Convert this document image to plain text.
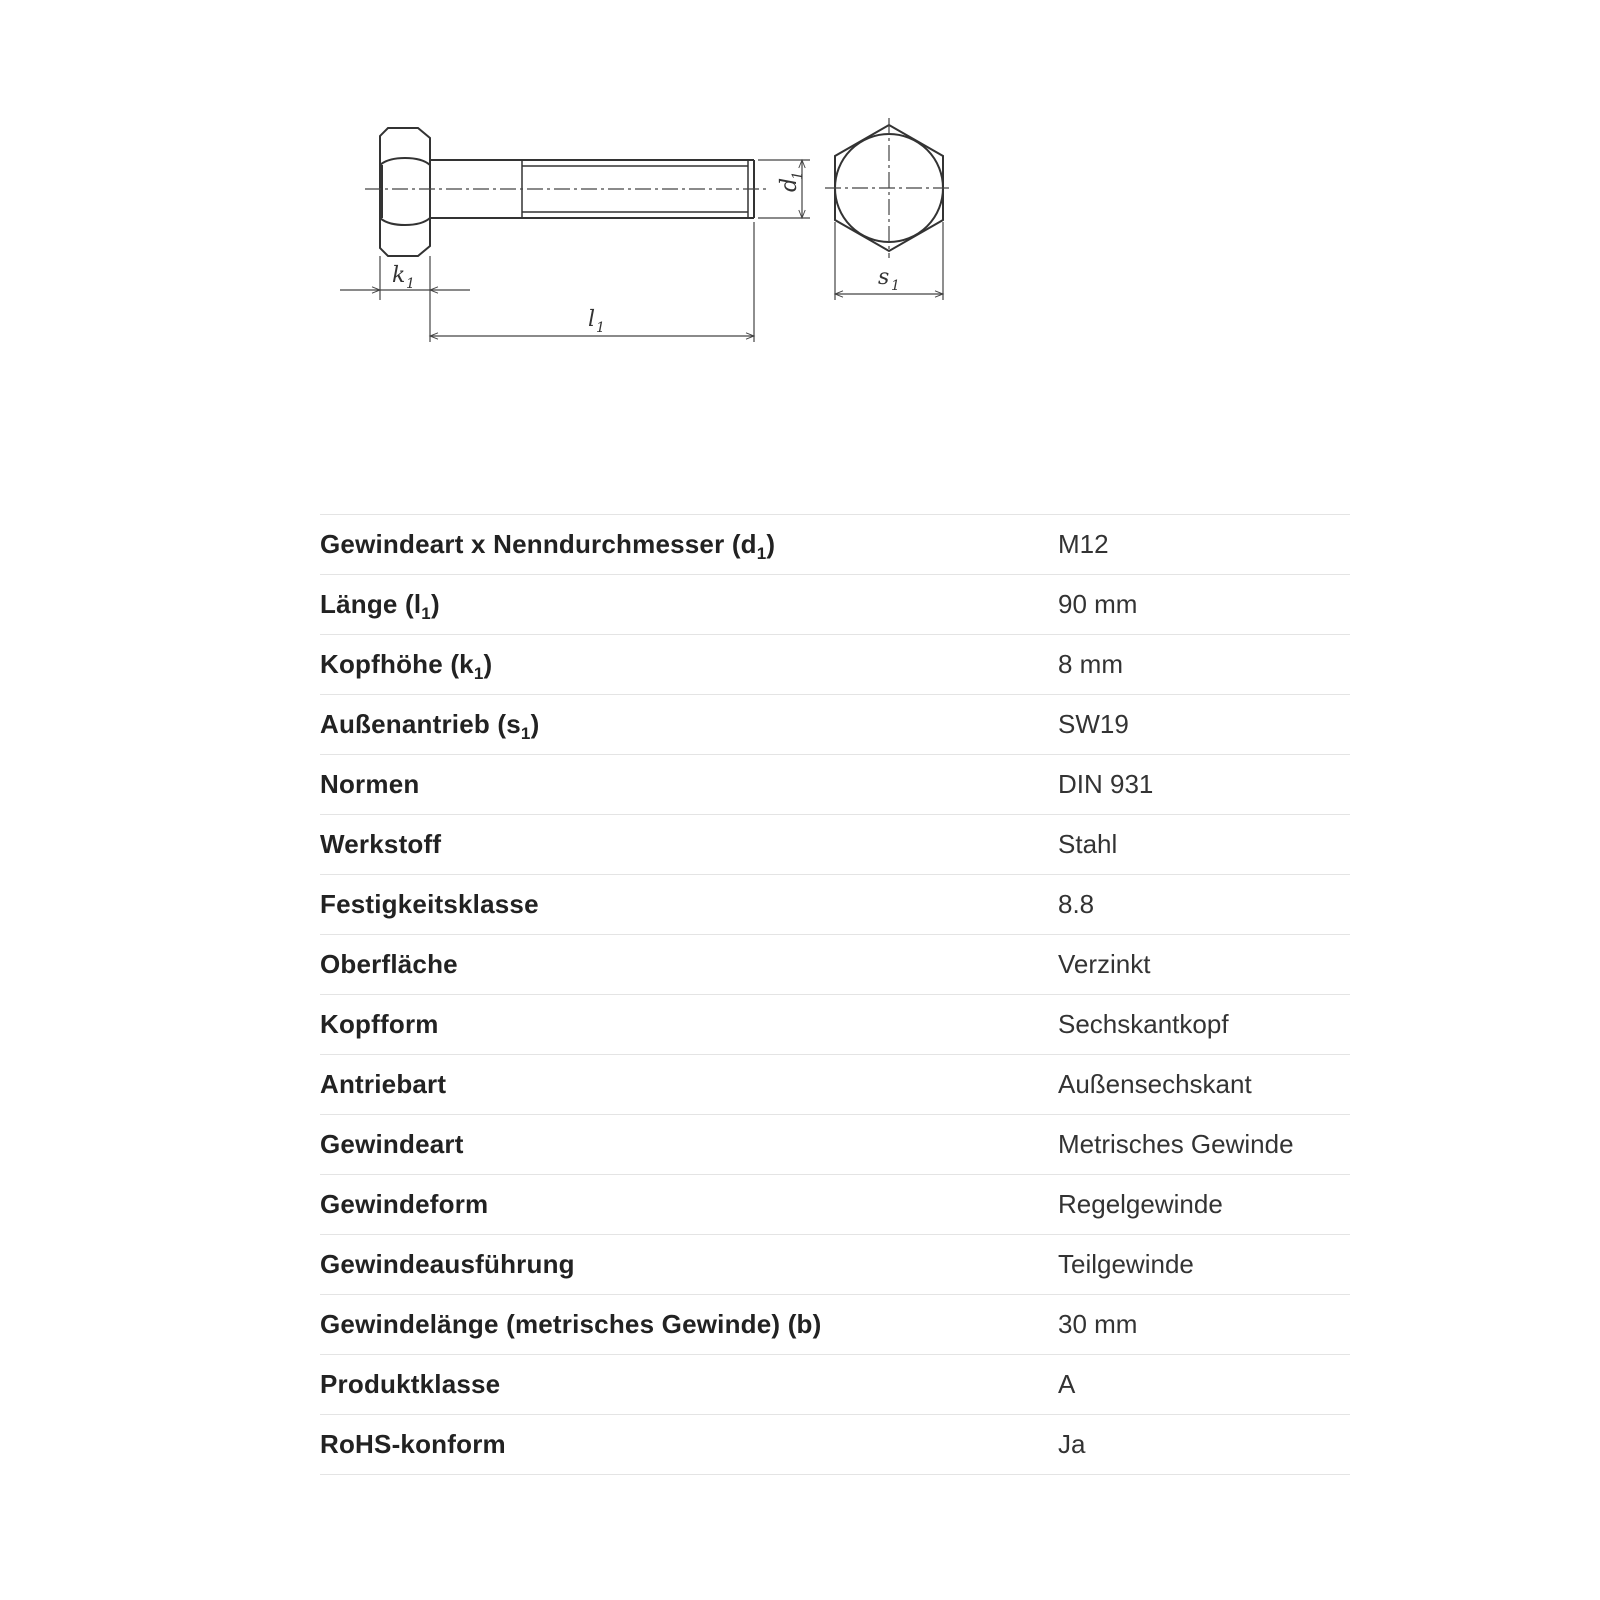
d
1
k 1
l 1
s 1
Gewindeart x Nenndurchmesser $(d_1)$	M12
Länge $(l_1)$	90 mm
Kopfhöhe $(k_1)$	8 mm
Außenantrieb $(s_1)$	SW19
Normen	DIN 931
Werkstoff	Stahl
Festigkeitsklasse	8.8
Oberfläche	Verzinkt
Kopfform	Sechskantkopf
Antriebart	Außensechskant
Gewindeart	Metrisches Gewinde
Gewindeform	Regelgewinde
Gewindeausführung	Teilgewinde
Gewindelänge (metrisches Gewinde) (b)	30 mm
Produktklasse	A
RoHS-konform	Ja
